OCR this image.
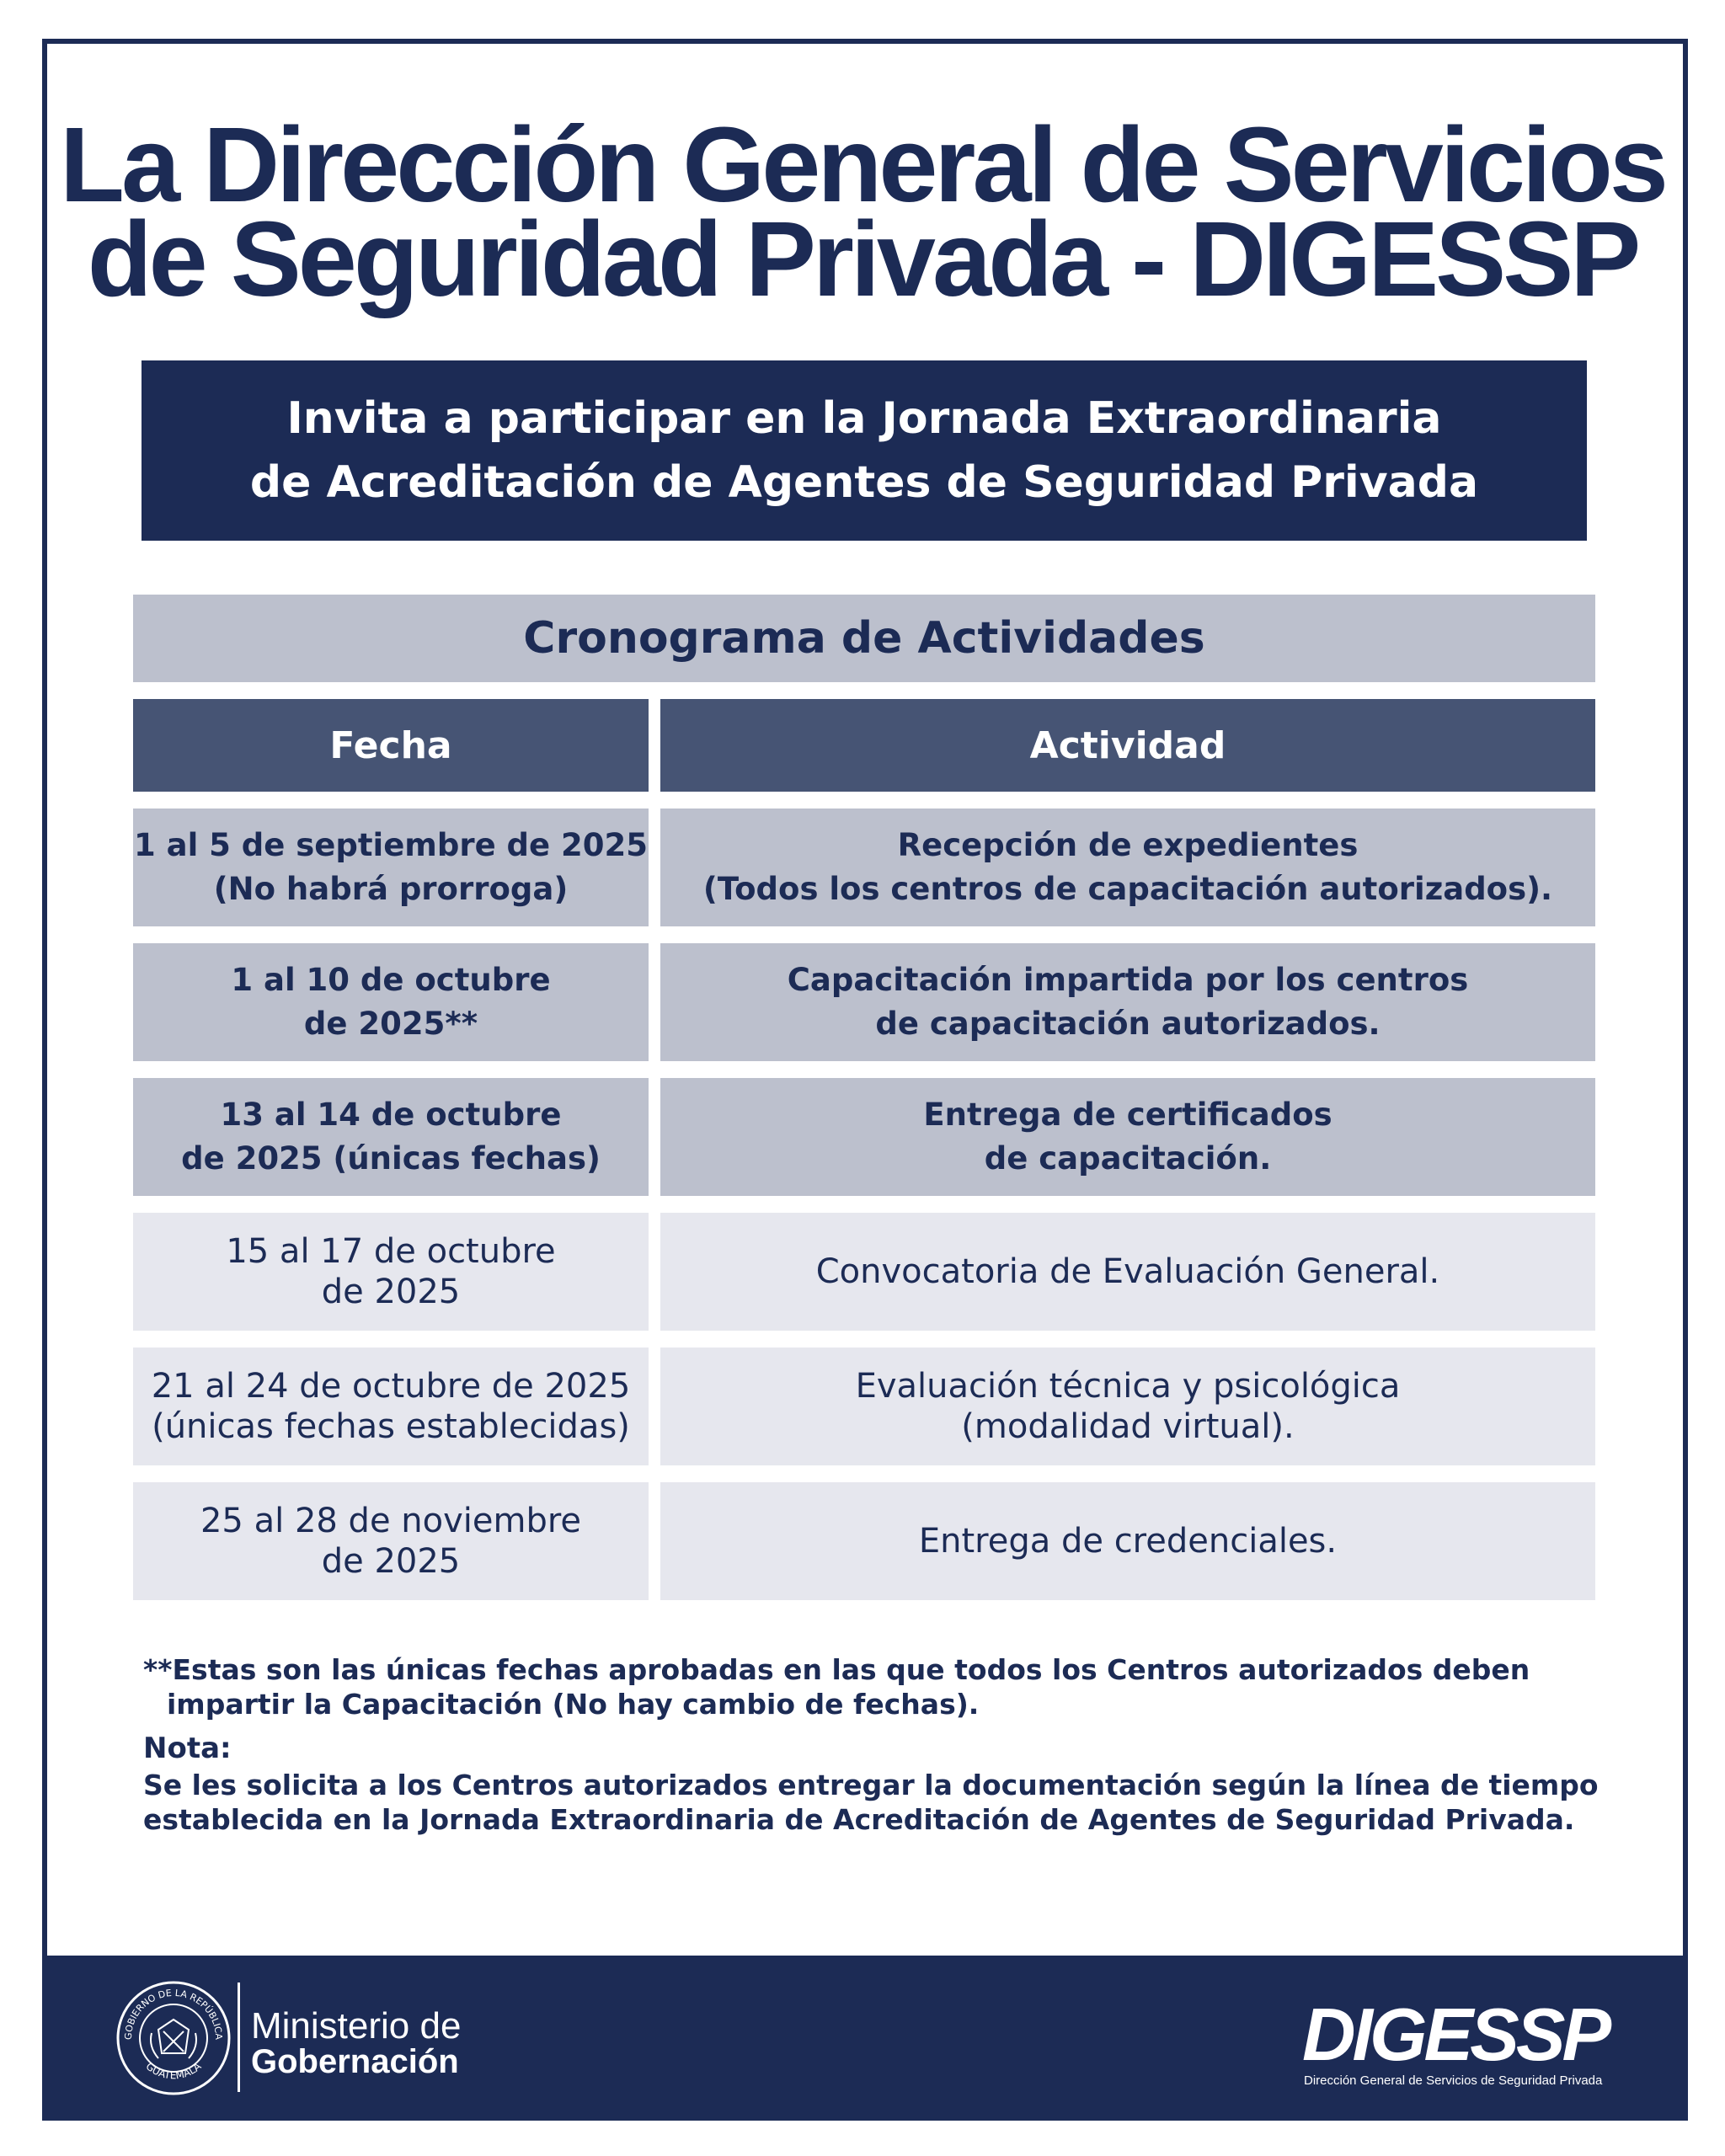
La Dirección General de Servicios
de Seguridad Privada - DIGESSP
Invita a participar en la Jornada Extraordinaria
de Acreditación de Agentes de Seguridad Privada
Cronograma de Actividades
Fecha	Actividad
1 al 5 de septiembre de 2025
(No habrá prorroga)
Recepción de expedientes
(Todos los centros de capacitación autorizados).
1 al 10 de octubre
de 2025**
Capacitación impartida por los centros
de capacitación autorizados.
13 al 14 de octubre
de 2025 (únicas fechas)
Entrega de certificados
de capacitación.
15 al 17 de octubre
de 2025
Convocatoria de Evaluación General.
21 al 24 de octubre de 2025
(únicas fechas establecidas)
Evaluación técnica y psicológica
(modalidad virtual).
25 al 28 de noviembre
de 2025
Entrega de credenciales.

**Estas son las únicas fechas aprobadas en las que todos los Centros autorizados deben
impartir la Capacitación (No hay cambio de fechas).

Nota:

Se les solicita a los Centros autorizados entregar la documentación según la línea de tiempo
establecida en la Jornada Extraordinaria de Acreditación de Agentes de Seguridad Privada.

GOBIERNO DE LA REPÚBLICA
GUATEMALA
Ministerio de
Gobernación	DIGESSP
Dirección General de Servicios de Seguridad Privada
